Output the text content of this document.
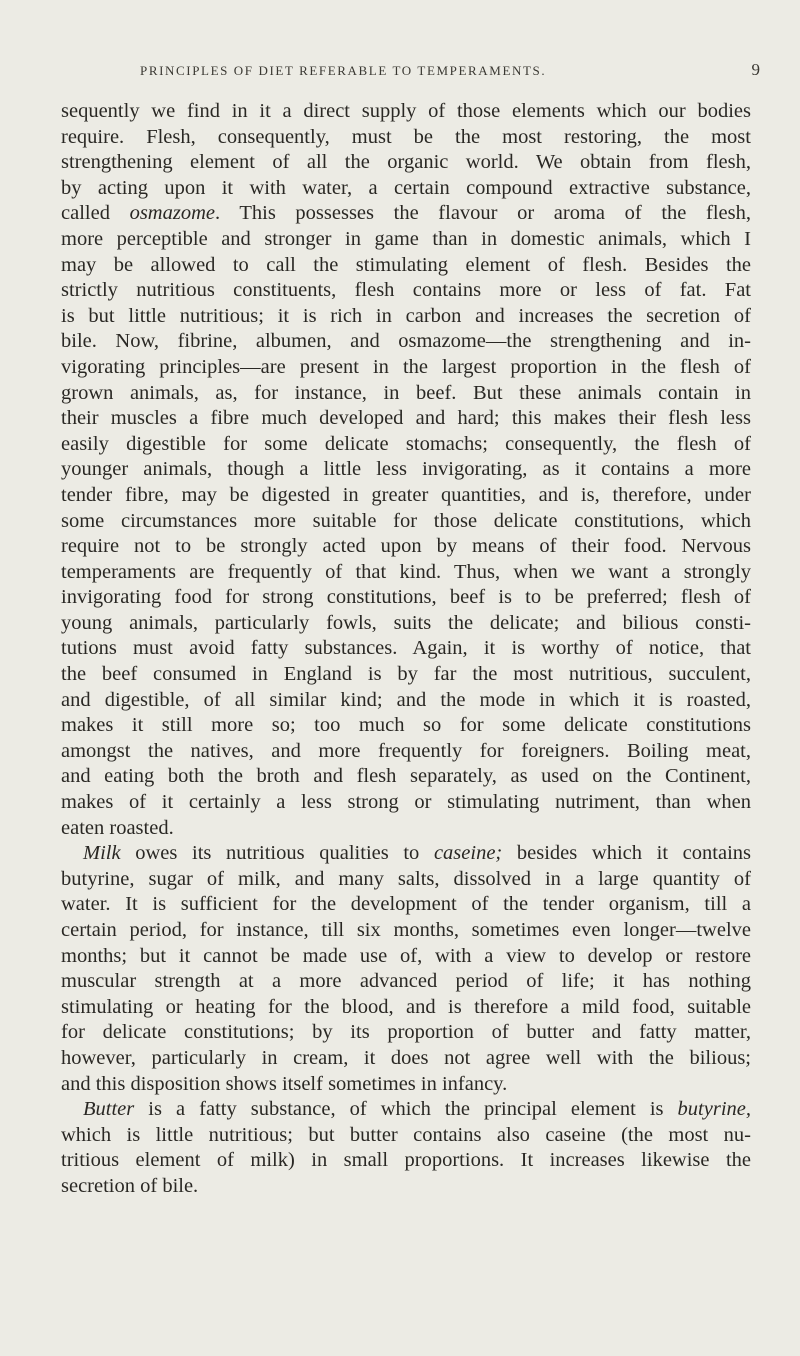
PRINCIPLES OF DIET REFERABLE TO TEMPERAMENTS.	9
sequently we find in it a direct supply of those elements which our bodies
require. Flesh, consequently, must be the most restoring, the most
strengthening element of all the organic world. We obtain from flesh,
by acting upon it with water, a certain compound extractive substance,
called osmazome. This possesses the flavour or aroma of the flesh,
more perceptible and stronger in game than in domestic animals, which I
may be allowed to call the stimulating element of flesh. Besides the
strictly nutritious constituents, flesh contains more or less of fat. Fat
is but little nutritious; it is rich in carbon and increases the secretion of
bile. Now, fibrine, albumen, and osmazome—the strengthening and in-
vigorating principles—are present in the largest proportion in the flesh of
grown animals, as, for instance, in beef. But these animals contain in
their muscles a fibre much developed and hard; this makes their flesh less
easily digestible for some delicate stomachs; consequently, the flesh of
younger animals, though a little less invigorating, as it contains a more
tender fibre, may be digested in greater quantities, and is, therefore, under
some circumstances more suitable for those delicate constitutions, which
require not to be strongly acted upon by means of their food. Nervous
temperaments are frequently of that kind. Thus, when we want a strongly
invigorating food for strong constitutions, beef is to be preferred; flesh of
young animals, particularly fowls, suits the delicate; and bilious consti-
tutions must avoid fatty substances. Again, it is worthy of notice, that
the beef consumed in England is by far the most nutritious, succulent,
and digestible, of all similar kind; and the mode in which it is roasted,
makes it still more so; too much so for some delicate constitutions
amongst the natives, and more frequently for foreigners. Boiling meat,
and eating both the broth and flesh separately, as used on the Continent,
makes of it certainly a less strong or stimulating nutriment, than when
eaten roasted.
Milk owes its nutritious qualities to caseine; besides which it contains
butyrine, sugar of milk, and many salts, dissolved in a large quantity of
water. It is sufficient for the development of the tender organism, till a
certain period, for instance, till six months, sometimes even longer—twelve
months; but it cannot be made use of, with a view to develop or restore
muscular strength at a more advanced period of life; it has nothing
stimulating or heating for the blood, and is therefore a mild food, suitable
for delicate constitutions; by its proportion of butter and fatty matter,
however, particularly in cream, it does not agree well with the bilious;
and this disposition shows itself sometimes in infancy.
Butter is a fatty substance, of which the principal element is butyrine,
which is little nutritious; but butter contains also caseine (the most nu-
tritious element of milk) in small proportions. It increases likewise the
secretion of bile.
